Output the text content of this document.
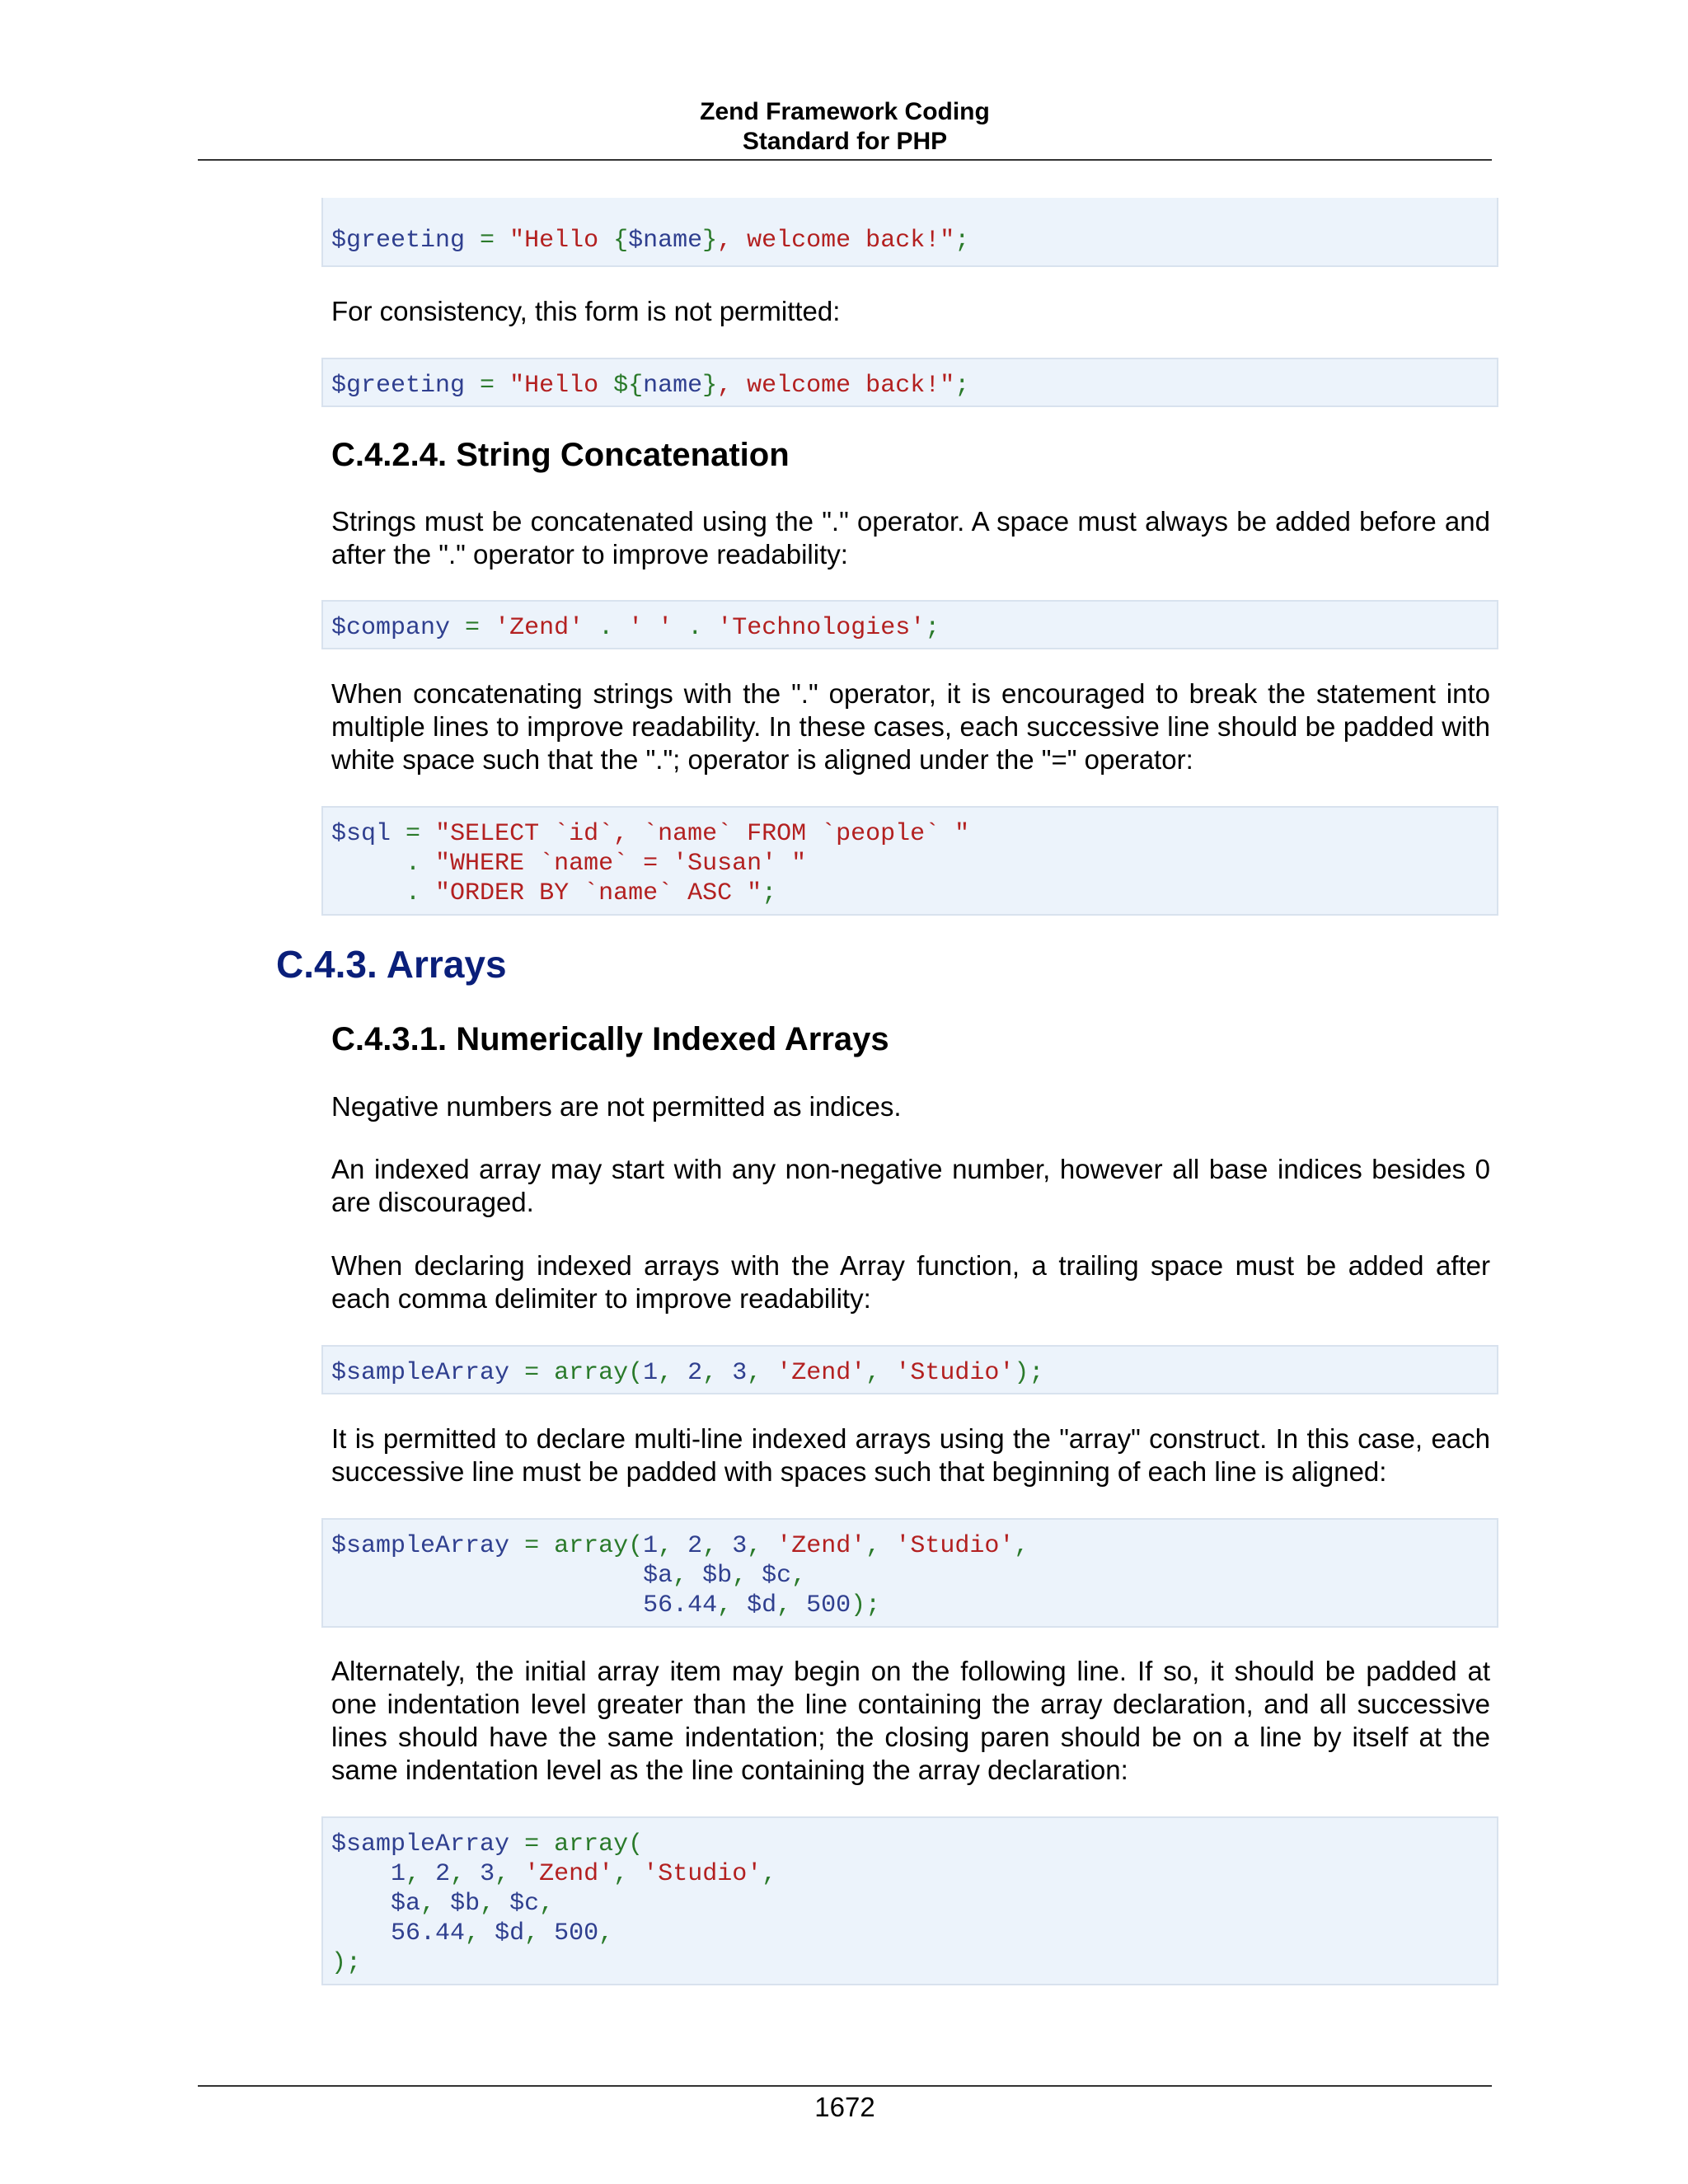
Zend Framework Coding
Standard for PHP
$greeting = "Hello {$name}, welcome back!";

For consistency, this form is not permitted:

$greeting = "Hello ${name}, welcome back!";
C.4.2.4. String Concatenation

Strings must be concatenated using the "." operator. A space must always be added before and after the "." operator to improve readability:

$company = 'Zend' . ' ' . 'Technologies';

When concatenating strings with the "." operator, it is encouraged to break the statement into multiple lines to improve readability. In these cases, each successive line should be padded with white space such that the "."; operator is aligned under the "=" operator:

$sql = "SELECT `id`, `name` FROM `people` "
. "WHERE `name` = 'Susan' "
. "ORDER BY `name` ASC ";
C.4.3. Arrays
C.4.3.1. Numerically Indexed Arrays

Negative numbers are not permitted as indices.

An indexed array may start with any non-negative number, however all base indices besides 0 are discouraged.

When declaring indexed arrays with the Array function, a trailing space must be added after each comma delimiter to improve readability:

$sampleArray = array(1, 2, 3, 'Zend', 'Studio');

It is permitted to declare multi-line indexed arrays using the "array" construct. In this case, each successive line must be padded with spaces such that beginning of each line is aligned:

$sampleArray = array(1, 2, 3, 'Zend', 'Studio',
$a, $b, $c,
56.44, $d, 500);

Alternately, the initial array item may begin on the following line. If so, it should be padded at one indentation level greater than the line containing the array declaration, and all successive lines should have the same indentation; the closing paren should be on a line by itself at the same indentation level as the line containing the array declaration:

$sampleArray = array(
1, 2, 3, 'Zend', 'Studio',
$a, $b, $c,
56.44, $d, 500,
);
1672
